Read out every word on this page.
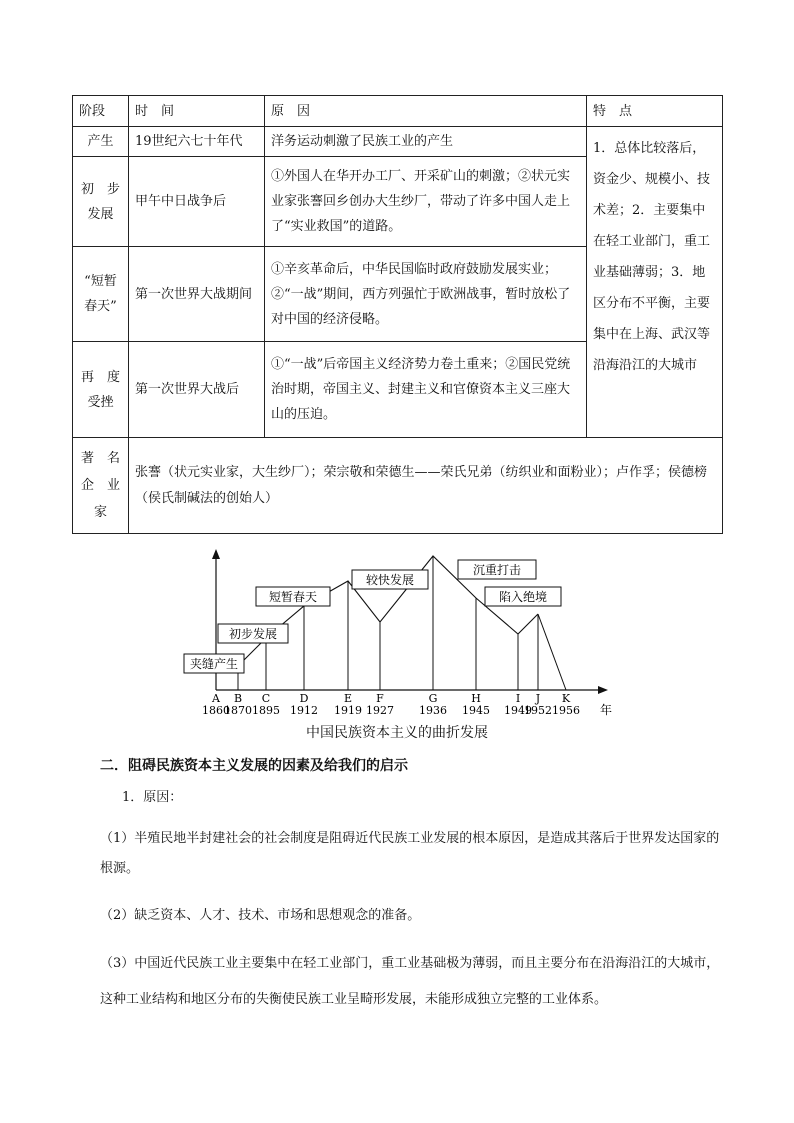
阶段	时　间	原　因	特　点
产生	19世纪六七十年代	洋务运动刺激了民族工业的产生	1．总体比较落后，资金少、规模小、技术差；2．主要集中在轻工业部门，重工业基础薄弱；3．地区分布不平衡，主要集中在上海、武汉等沿海沿江的大城市
初　步发展	甲午中日战争后	①外国人在华开办工厂、开采矿山的刺激；②状元实业家张謇回乡创办大生纱厂，带动了许多中国人走上了“实业救国”的道路。	
“短暂春天”	第一次世界大战期间	①辛亥革命后，中华民国临时政府鼓励发展实业；②“一战”期间，西方列强忙于欧洲战事，暂时放松了对中国的经济侵略。	
再　度受挫	第一次世界大战后	①“一战”后帝国主义经济势力卷土重来；②国民党统治时期，帝国主义、封建主义和官僚资本主义三座大山的压迫。	
著　名企　业家	张謇（状元实业家，大生纱厂）；荣宗敬和荣德生——荣氏兄弟（纺织业和面粉业）；卢作孚；侯德榜（侯氏制碱法的创始人）		
夹缝产生
初步发展
短暂春天
较快发展
沉重打击
陷入绝境
A B C	D	E F	G	H	I J K
1860
1870 1895 1912 1919 1927 1936 1945 1949
1952 1956 年
中国民族资本主义的曲折发展
二．阻碍民族资本主义发展的因素及给我们的启示
1．原因：
（1）半殖民地半封建社会的社会制度是阻碍近代民族工业发展的根本原因，是造成其落后于世界发达国家的根源。
（2）缺乏资本、人才、技术、市场和思想观念的准备。
（3）中国近代民族工业主要集中在轻工业部门，重工业基础极为薄弱，而且主要分布在沿海沿江的大城市，这种工业结构和地区分布的失衡使民族工业呈畸形发展，未能形成独立完整的工业体系。
